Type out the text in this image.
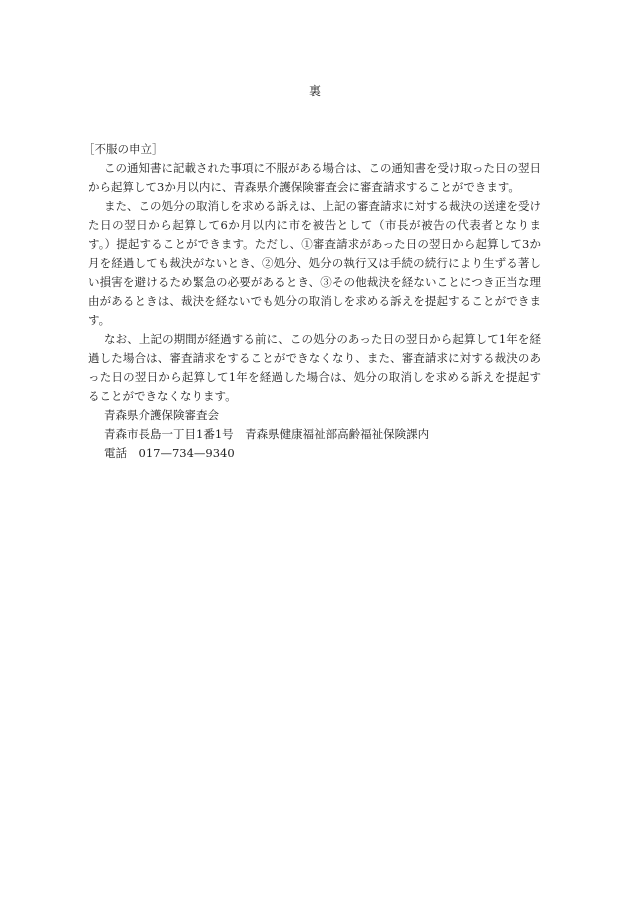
裏
［不服の申立］

この通知書に記載された事項に不服がある場合は、この通知書を受け取った日の翌日から起算して3か月以内に、青森県介護保険審査会に審査請求することができます。

また、この処分の取消しを求める訴えは、上記の審査請求に対する裁決の送達を受けた日の翌日から起算して6か月以内に市を被告として（市長が被告の代表者となります。）提起することができます。ただし、①審査請求があった日の翌日から起算して3か月を経過しても裁決がないとき、②処分、処分の執行又は手続の続行により生ずる著しい損害を避けるため緊急の必要があるとき、③その他裁決を経ないことにつき正当な理由があるときは、裁決を経ないでも処分の取消しを求める訴えを提起することができます。

なお、上記の期間が経過する前に、この処分のあった日の翌日から起算して1年を経過した場合は、審査請求をすることができなくなり、また、審査請求に対する裁決のあった日の翌日から起算して1年を経過した場合は、処分の取消しを求める訴えを提起することができなくなります。

青森県介護保険審査会

青森市長島一丁目1番1号　青森県健康福祉部高齢福祉保険課内

電話　017—734—9340
